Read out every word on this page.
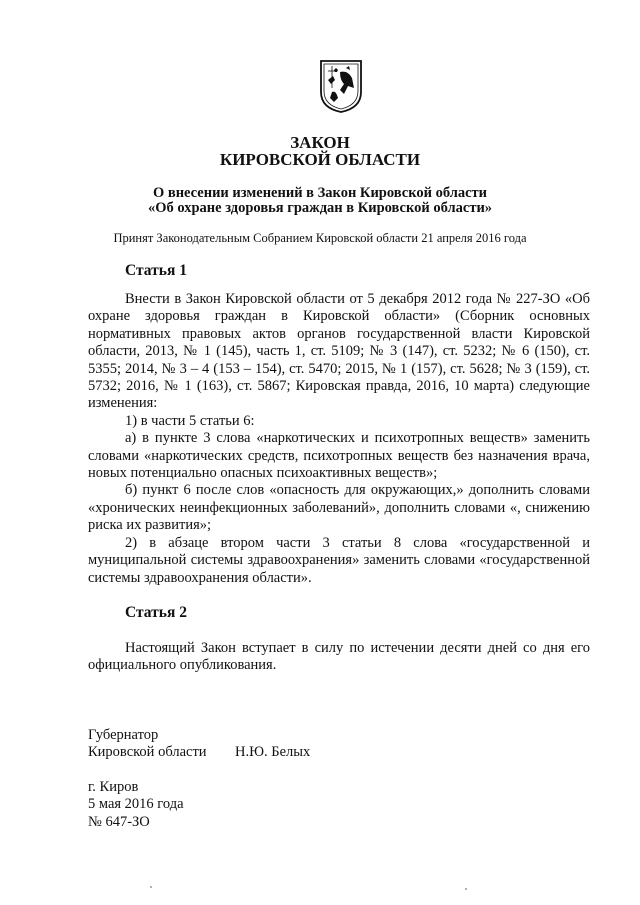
ЗАКОН
КИРОВСКОЙ ОБЛАСТИ
О внесении изменений в Закон Кировской области
«Об охране здоровья граждан в Кировской области»
Принят Законодательным Собранием Кировской области 21 апреля 2016 года
Статья 1

Внести в Закон Кировской области от 5 декабря 2012 года № 227-ЗО «Об охране здоровья граждан в Кировской области» (Сборник основных нормативных правовых актов органов государственной власти Кировской области, 2013, № 1 (145), часть 1, ст. 5109; № 3 (147), ст. 5232; № 6 (150), ст. 5355; 2014, № 3 – 4 (153 – 154), ст. 5470; 2015, № 1 (157), ст. 5628; № 3 (159), ст. 5732; 2016, № 1 (163), ст. 5867; Кировская правда, 2016, 10 марта) следующие изменения:

1) в части 5 статьи 6:

а) в пункте 3 слова «наркотических и психотропных веществ» заменить словами «наркотических средств, психотропных веществ без назначения врача, новых потенциально опасных психоактивных веществ»;

б) пункт 6 после слов «опасность для окружающих,» дополнить словами «хронических неинфекционных заболеваний», дополнить словами «, снижению риска их развития»;

2) в абзаце втором части 3 статьи 8 слова «государственной и муниципальной системы здравоохранения» заменить словами «государственной системы здравоохранения области».

Статья 2

Настоящий Закон вступает в силу по истечении десяти дней со дня его официального опубликования.

Губернатор
Кировской области Н.Ю. Белых
г. Киров
5 мая 2016 года
№ 647-ЗО
